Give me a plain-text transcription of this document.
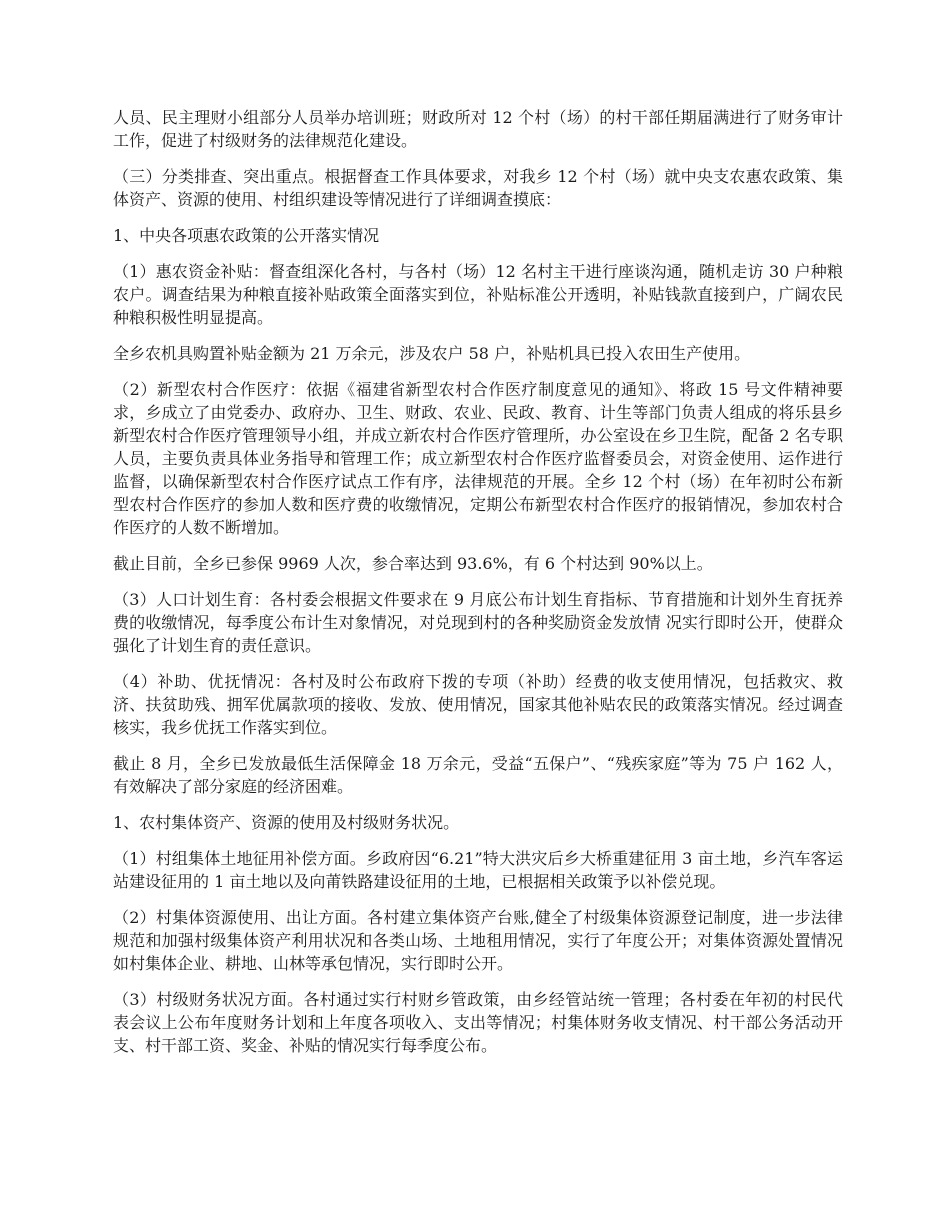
人员、民主理财小组部分人员举办培训班；财政所对 12 个村（场）的村干部任期届满进行了财务审计工作，促进了村级财务的法律规范化建设。

（三）分类排查、突出重点。根据督查工作具体要求，对我乡 12 个村（场）就中央支农惠农政策、集体资产、资源的使用、村组织建设等情况进行了详细调查摸底：

1、中央各项惠农政策的公开落实情况

（1）惠农资金补贴：督查组深化各村，与各村（场）12 名村主干进行座谈沟通，随机走访 30 户种粮农户。调查结果为种粮直接补贴政策全面落实到位，补贴标准公开透明，补贴钱款直接到户，广阔农民种粮积极性明显提高。

全乡农机具购置补贴金额为 21 万余元，涉及农户 58 户，补贴机具已投入农田生产使用。

（2）新型农村合作医疗：依据《福建省新型农村合作医疗制度意见的通知》、将政 15 号文件精神要求，乡成立了由党委办、政府办、卫生、财政、农业、民政、教育、计生等部门负责人组成的将乐县乡新型农村合作医疗管理领导小组，并成立新农村合作医疗管理所，办公室设在乡卫生院，配备 2 名专职人员，主要负责具体业务指导和管理工作；成立新型农村合作医疗监督委员会，对资金使用、运作进行监督，以确保新型农村合作医疗试点工作有序，法律规范的开展。全乡 12 个村（场）在年初时公布新型农村合作医疗的参加人数和医疗费的收缴情况，定期公布新型农村合作医疗的报销情况，参加农村合作医疗的人数不断增加。

截止目前，全乡已参保 9969 人次，参合率达到 93.6%，有 6 个村达到 90%以上。

（3）人口计划生育：各村委会根据文件要求在 9 月底公布计划生育指标、节育措施和计划外生育抚养费的收缴情况，每季度公布计生对象情况，对兑现到村的各种奖励资金发放情 况实行即时公开，使群众强化了计划生育的责任意识。

（4）补助、优抚情况：各村及时公布政府下拨的专项（补助）经费的收支使用情况，包括救灾、救济、扶贫助残、拥军优属款项的接收、发放、使用情况，国家其他补贴农民的政策落实情况。经过调查核实，我乡优抚工作落实到位。

截止 8 月，全乡已发放最低生活保障金 18 万余元，受益“五保户”、“残疾家庭”等为 75 户 162 人，有效解决了部分家庭的经济困难。

1、农村集体资产、资源的使用及村级财务状况。

（1）村组集体土地征用补偿方面。乡政府因“6.21”特大洪灾后乡大桥重建征用 3 亩土地，乡汽车客运站建设征用的 1 亩土地以及向莆铁路建设征用的土地，已根据相关政策予以补偿兑现。

（2）村集体资源使用、出让方面。各村建立集体资产台账,健全了村级集体资源登记制度，进一步法律规范和加强村级集体资产利用状况和各类山场、土地租用情况，实行了年度公开；对集体资源处置情况如村集体企业、耕地、山林等承包情况，实行即时公开。

（3）村级财务状况方面。各村通过实行村财乡管政策，由乡经管站统一管理；各村委在年初的村民代表会议上公布年度财务计划和上年度各项收入、支出等情况；村集体财务收支情况、村干部公务活动开支、村干部工资、奖金、补贴的情况实行每季度公布。
